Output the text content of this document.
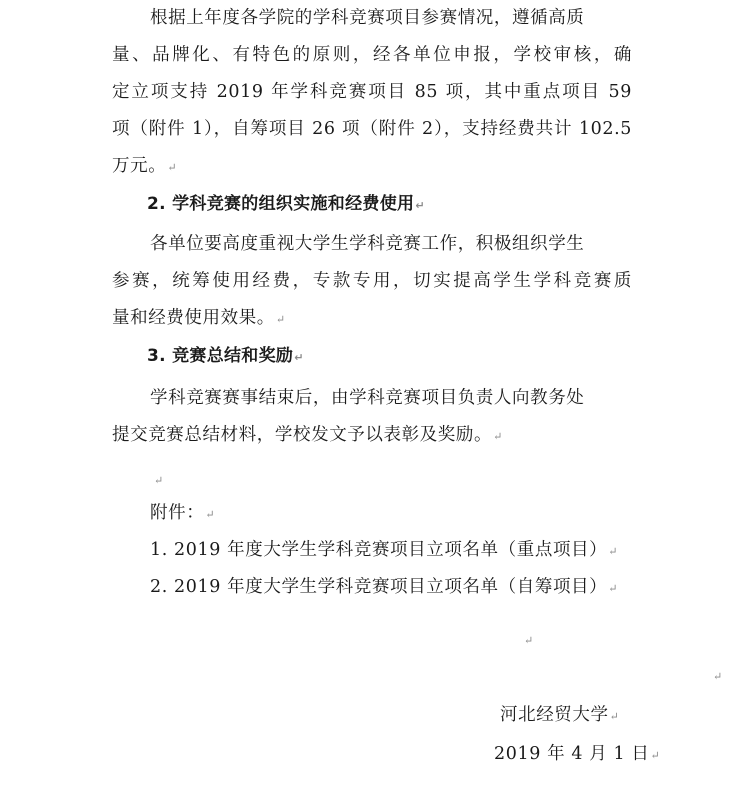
根据上年度各学院的学科竞赛项目参赛情况，遵循高质
量、品牌化、有特色的原则，经各单位申报，学校审核，确
定立项支持 2019 年学科竞赛项目 85 项，其中重点项目 59
项（附件 1），自筹项目 26 项（附件 2），支持经费共计 102.5
万元。↵
2. 学科竞赛的组织实施和经费使用↵
各单位要高度重视大学生学科竞赛工作，积极组织学生
参赛，统筹使用经费，专款专用，切实提高学生学科竞赛质
量和经费使用效果。↵
3. 竞赛总结和奖励↵
学科竞赛赛事结束后，由学科竞赛项目负责人向教务处
提交竞赛总结材料，学校发文予以表彰及奖励。↵
↵
附件：↵
1. 2019 年度大学生学科竞赛项目立项名单（重点项目）↵
2. 2019 年度大学生学科竞赛项目立项名单（自筹项目）↵
↵
↵
河北经贸大学↵
2019 年 4 月 1 日↵
